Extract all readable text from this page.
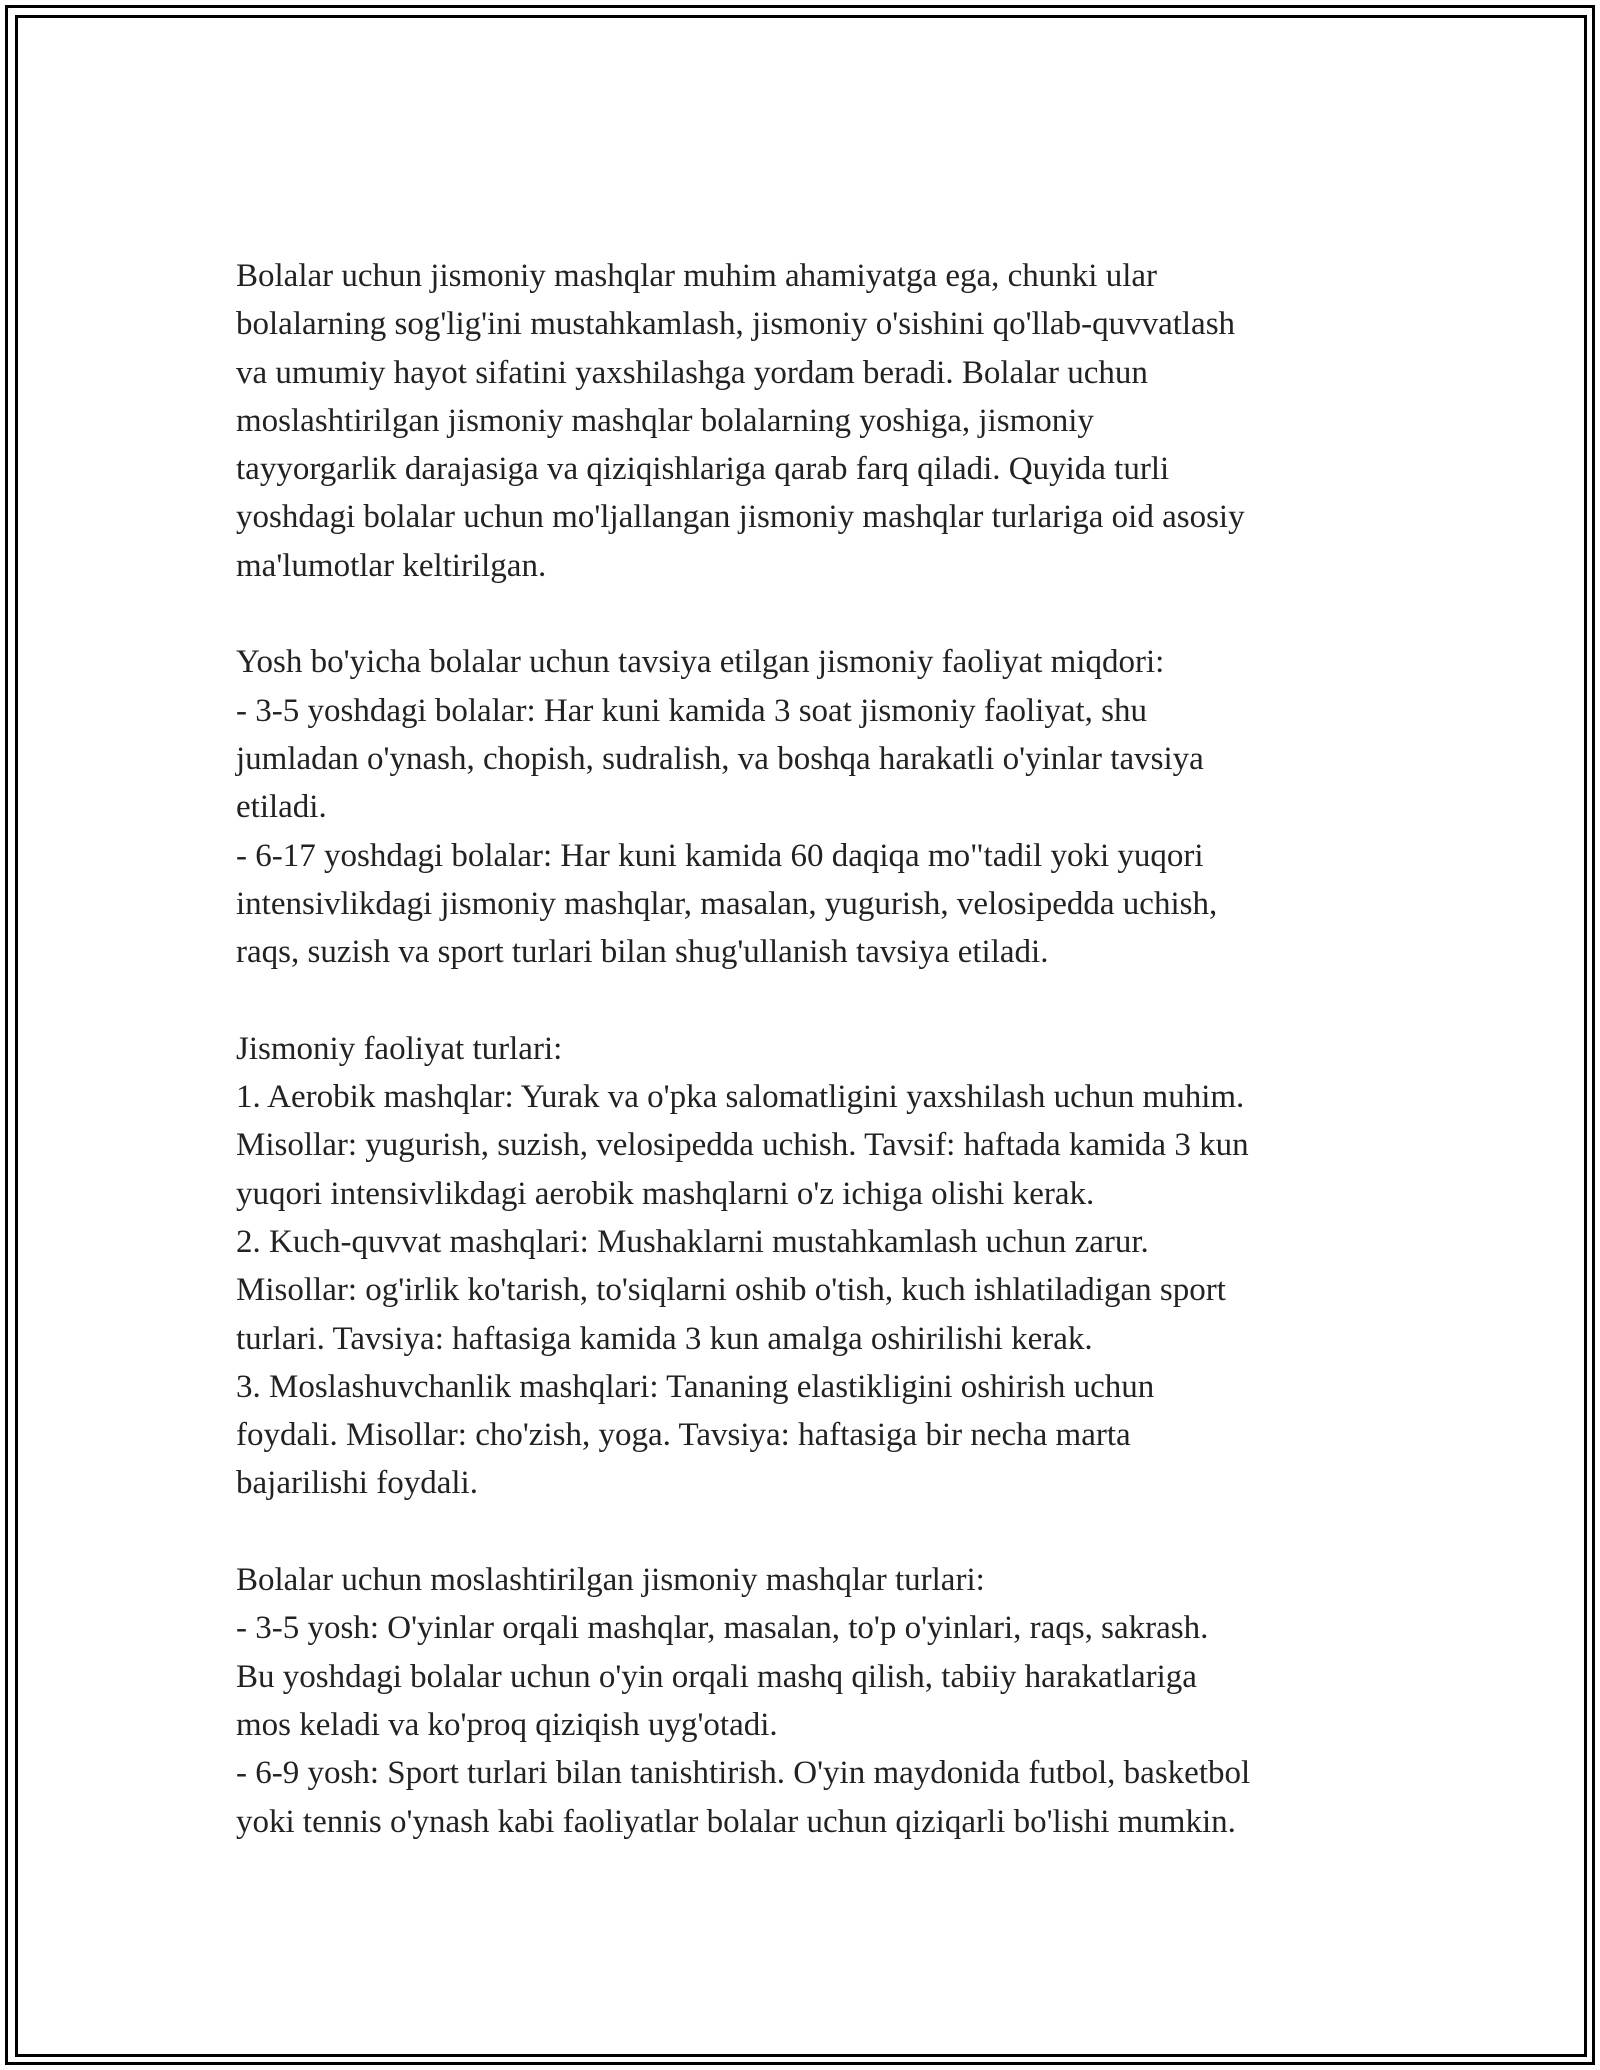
Bolalar uchun jismoniy mashqlar muhim ahamiyatga ega, chunki ular
bolalarning sog'lig'ini mustahkamlash, jismoniy o'sishini qo'llab-quvvatlash
va umumiy hayot sifatini yaxshilashga yordam beradi. Bolalar uchun
moslashtirilgan jismoniy mashqlar bolalarning yoshiga, jismoniy
tayyorgarlik darajasiga va qiziqishlariga qarab farq qiladi. Quyida turli
yoshdagi bolalar uchun mo'ljallangan jismoniy mashqlar turlariga oid asosiy
ma'lumotlar keltirilgan.
Yosh bo'yicha bolalar uchun tavsiya etilgan jismoniy faoliyat miqdori:
- 3-5 yoshdagi bolalar: Har kuni kamida 3 soat jismoniy faoliyat, shu
jumladan o'ynash, chopish, sudralish, va boshqa harakatli o'yinlar tavsiya
etiladi.
- 6-17 yoshdagi bolalar: Har kuni kamida 60 daqiqa mo"tadil yoki yuqori
intensivlikdagi jismoniy mashqlar, masalan, yugurish, velosipedda uchish,
raqs, suzish va sport turlari bilan shug'ullanish tavsiya etiladi.
Jismoniy faoliyat turlari:
1. Aerobik mashqlar: Yurak va o'pka salomatligini yaxshilash uchun muhim.
Misollar: yugurish, suzish, velosipedda uchish. Tavsif: haftada kamida 3 kun
yuqori intensivlikdagi aerobik mashqlarni o'z ichiga olishi kerak.
2. Kuch-quvvat mashqlari: Mushaklarni mustahkamlash uchun zarur.
Misollar: og'irlik ko'tarish, to'siqlarni oshib o'tish, kuch ishlatiladigan sport
turlari. Tavsiya: haftasiga kamida 3 kun amalga oshirilishi kerak.
3. Moslashuvchanlik mashqlari: Tananing elastikligini oshirish uchun
foydali. Misollar: cho'zish, yoga. Tavsiya: haftasiga bir necha marta
bajarilishi foydali.
Bolalar uchun moslashtirilgan jismoniy mashqlar turlari:
- 3-5 yosh: O'yinlar orqali mashqlar, masalan, to'p o'yinlari, raqs, sakrash.
Bu yoshdagi bolalar uchun o'yin orqali mashq qilish, tabiiy harakatlariga
mos keladi va ko'proq qiziqish uyg'otadi.
- 6-9 yosh: Sport turlari bilan tanishtirish. O'yin maydonida futbol, basketbol
yoki tennis o'ynash kabi faoliyatlar bolalar uchun qiziqarli bo'lishi mumkin.
